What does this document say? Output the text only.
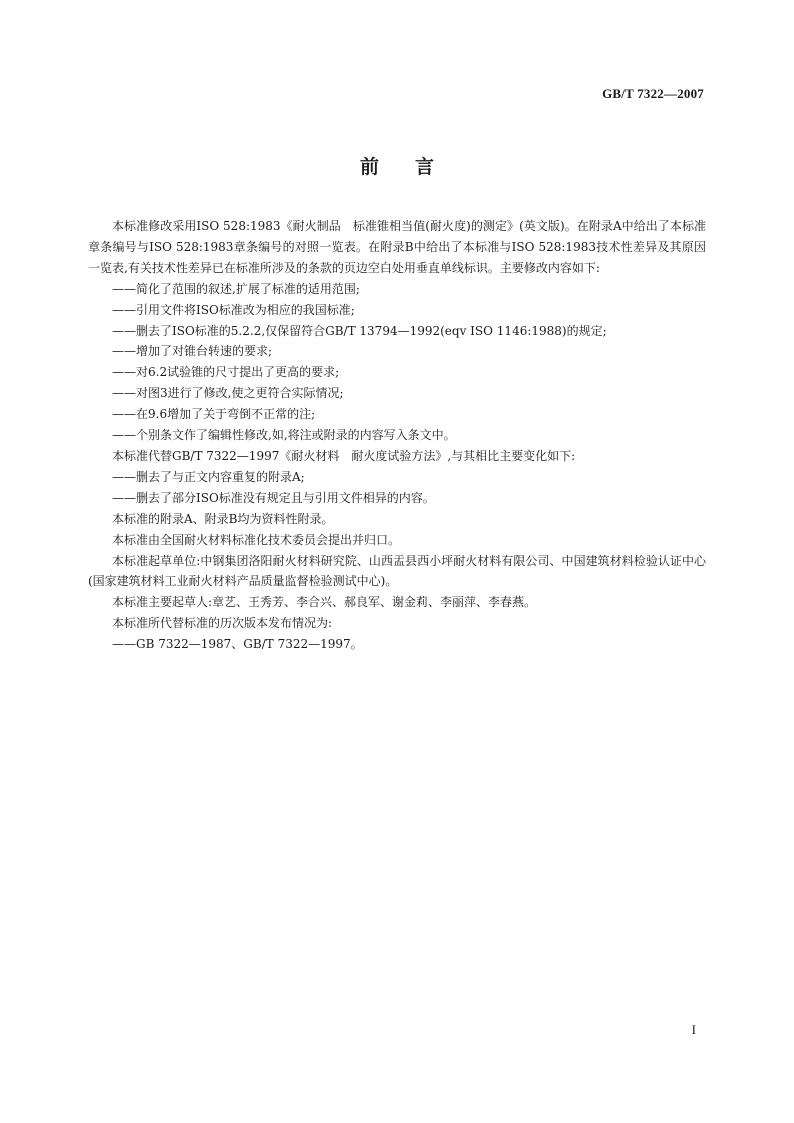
GB/T 7322—2007
前言

本标准修改采用ISO 528:1983《耐火制品　标准锥相当值(耐火度)的测定》(英文版)。在附录A中给出了本标准章条编号与ISO 528:1983章条编号的对照一览表。在附录B中给出了本标准与ISO 528:1983技术性差异及其原因一览表,有关技术性差异已在标准所涉及的条款的页边空白处用垂直单线标识。主要修改内容如下:

——简化了范围的叙述,扩展了标准的适用范围;

——引用文件将ISO标准改为相应的我国标准;

——删去了ISO标准的5.2.2,仅保留符合GB/T 13794—1992(eqv ISO 1146:1988)的规定;

——增加了对锥台转速的要求;

——对6.2试验锥的尺寸提出了更高的要求;

——对图3进行了修改,使之更符合实际情况;

——在9.6增加了关于弯倒不正常的注;

——个别条文作了编辑性修改,如,将注或附录的内容写入条文中。

本标准代替GB/T 7322—1997《耐火材料　耐火度试验方法》,与其相比主要变化如下:

——删去了与正文内容重复的附录A;

——删去了部分ISO标准没有规定且与引用文件相异的内容。

本标准的附录A、附录B均为资料性附录。

本标准由全国耐火材料标准化技术委员会提出并归口。

本标准起草单位:中钢集团洛阳耐火材料研究院、山西盂县西小坪耐火材料有限公司、中国建筑材料检验认证中心(国家建筑材料工业耐火材料产品质量监督检验测试中心)。

本标准主要起草人:章艺、王秀芳、李合兴、郝良军、谢金莉、李丽萍、李春燕。

本标准所代替标准的历次版本发布情况为:

——GB 7322—1987、GB/T 7322—1997。

I
